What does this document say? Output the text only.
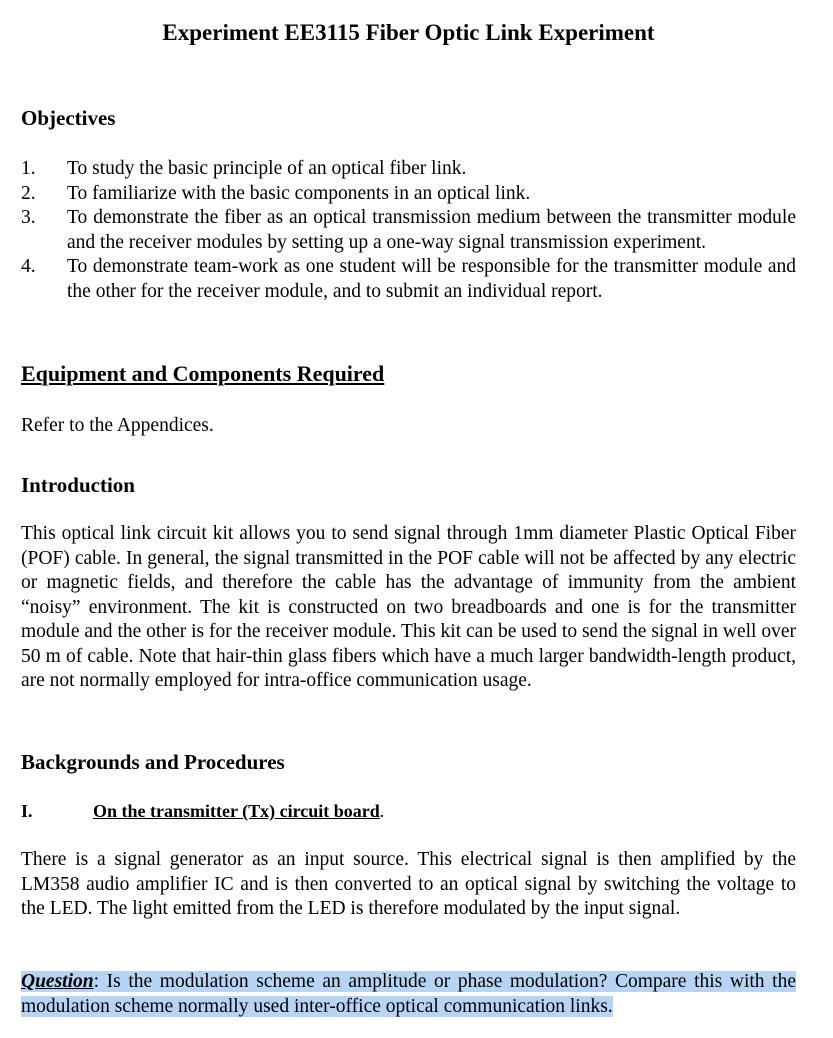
Experiment EE3115 Fiber Optic Link Experiment
Objectives
1.	To study the basic principle of an optical fiber link.
2.	To familiarize with the basic components in an optical link.
3.	To demonstrate the fiber as an optical transmission medium between the transmitter module and the receiver modules by setting up a one-way signal transmission experiment.
4.	To demonstrate team-work as one student will be responsible for the transmitter module and the other for the receiver module, and to submit an individual report.
Equipment and Components Required

Refer to the Appendices.

Introduction

This optical link circuit kit allows you to send signal through 1mm diameter Plastic Optical Fiber (POF) cable. In general, the signal transmitted in the POF cable will not be affected by any electric or magnetic fields, and therefore the cable has the advantage of immunity from the ambient “noisy” environment. The kit is constructed on two breadboards and one is for the transmitter module and the other is for the receiver module. This kit can be used to send the signal in well over 50 m of cable. Note that hair-thin glass fibers which have a much larger bandwidth-length product, are not normally employed for intra-office communication usage.

Backgrounds and Procedures
I.	On the transmitter (Tx) circuit board.

There is a signal generator as an input source. This electrical signal is then amplified by the LM358 audio amplifier IC and is then converted to an optical signal by switching the voltage to the LED. The light emitted from the LED is therefore modulated by the input signal.

Question: Is the modulation scheme an amplitude or phase modulation? Compare this with the modulation scheme normally used inter-office optical communication links.
